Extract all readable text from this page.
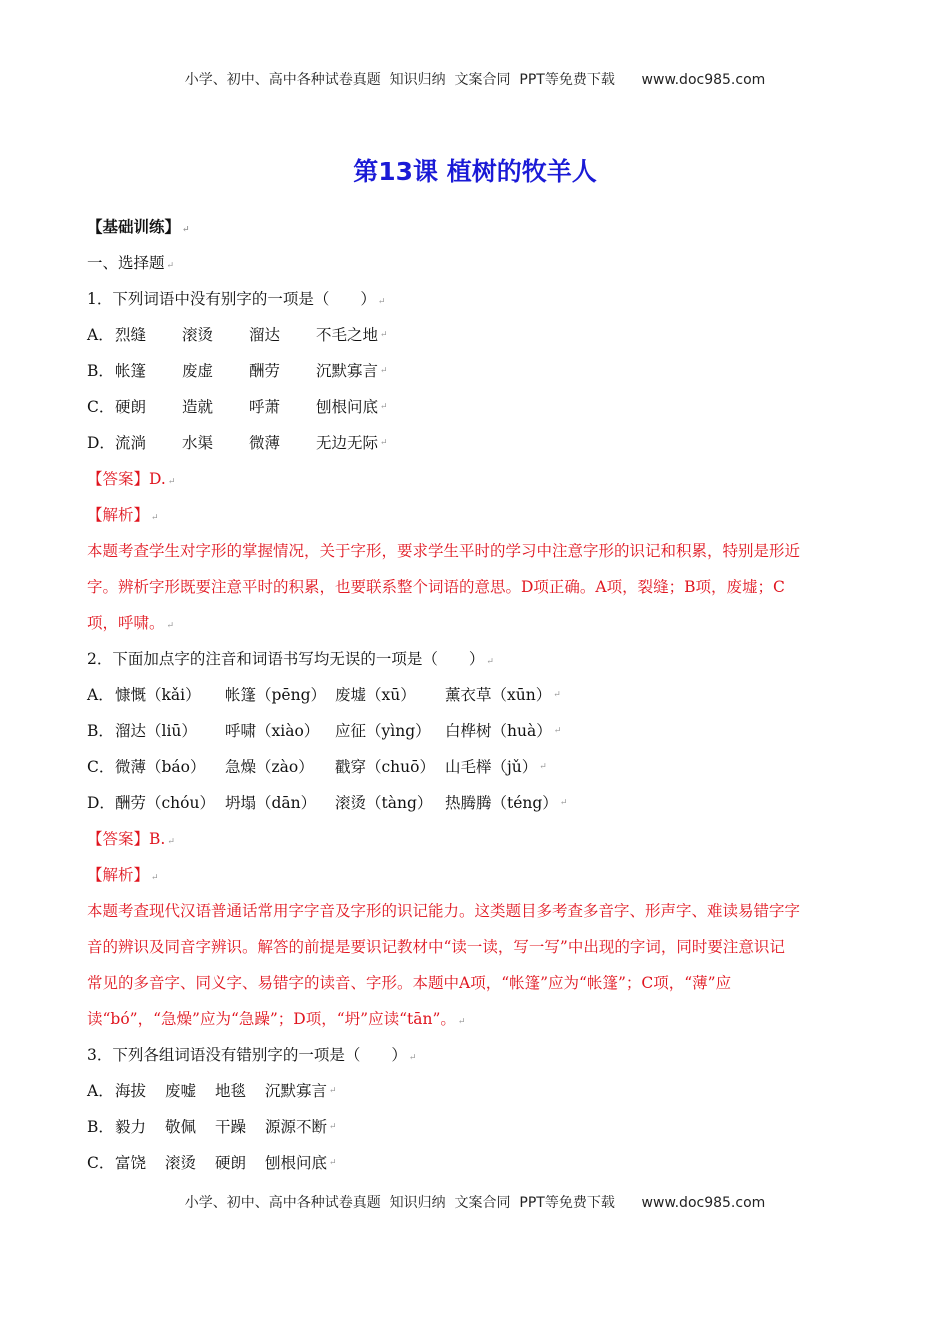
小学、初中、高中各种试卷真题  知识归纳  文案合同  PPT等免费下载      www.doc985.com
第13课 植树的牧羊人
【基础训练】 ↵
一、选择题 ↵
1．下列词语中没有别字的一项是（　　） ↵
A． 烈缝	滚烫	溜达	不毛之地 ↵
B． 帐篷	废虚	酬劳	沉默寡言 ↵
C． 硬朗	造就	呼萧	刨根问底 ↵
D． 流淌	水渠	微薄	无边无际 ↵
【答案】D. ↵
【解析】 ↵
本题考查学生对字形的掌握情况，关于字形，要求学生平时的学习中注意字形的识记和积累，特别是形近
字。辨析字形既要注意平时的积累，也要联系整个词语的意思。D项正确。A项，裂缝；B项，废墟；C
项，呼啸。 ↵
2．下面加点字的注音和词语书写均无误的一项是（　　） ↵
A． 慷慨（kǎi）	帐篷（pēng） 废墟（xū）	薰衣草（xūn） ↵
B． 溜达（liū）	呼啸（xiào）	应征（yìng） 白桦树（huà） ↵
C． 微薄（báo）	急燥（zào）	戳穿（chuō） 山毛榉（jǔ） ↵
D． 酬劳（chóu） 坍塌（dān）	滚烫（tàng） 热腾腾（téng） ↵
【答案】B. ↵
【解析】 ↵
本题考查现代汉语普通话常用字字音及字形的识记能力。这类题目多考查多音字、形声字、难读易错字字
音的辨识及同音字辨识。解答的前提是要识记教材中“读一读，写一写”中出现的字词，同时要注意识记
常见的多音字、同义字、易错字的读音、字形。本题中A项，“帐篷”应为“帐篷”；C项，“薄”应
读“bó”，“急燥”应为“急躁”；D项，“坍”应读“tān”。 ↵
3．下列各组词语没有错别字的一项是（　　） ↵
A． 海拔	废嘘	地毯	沉默寡言 ↵
B． 毅力	敬佩	干躁	源源不断 ↵
C． 富饶	滚烫	硬朗	刨根问底 ↵
小学、初中、高中各种试卷真题  知识归纳  文案合同  PPT等免费下载      www.doc985.com
